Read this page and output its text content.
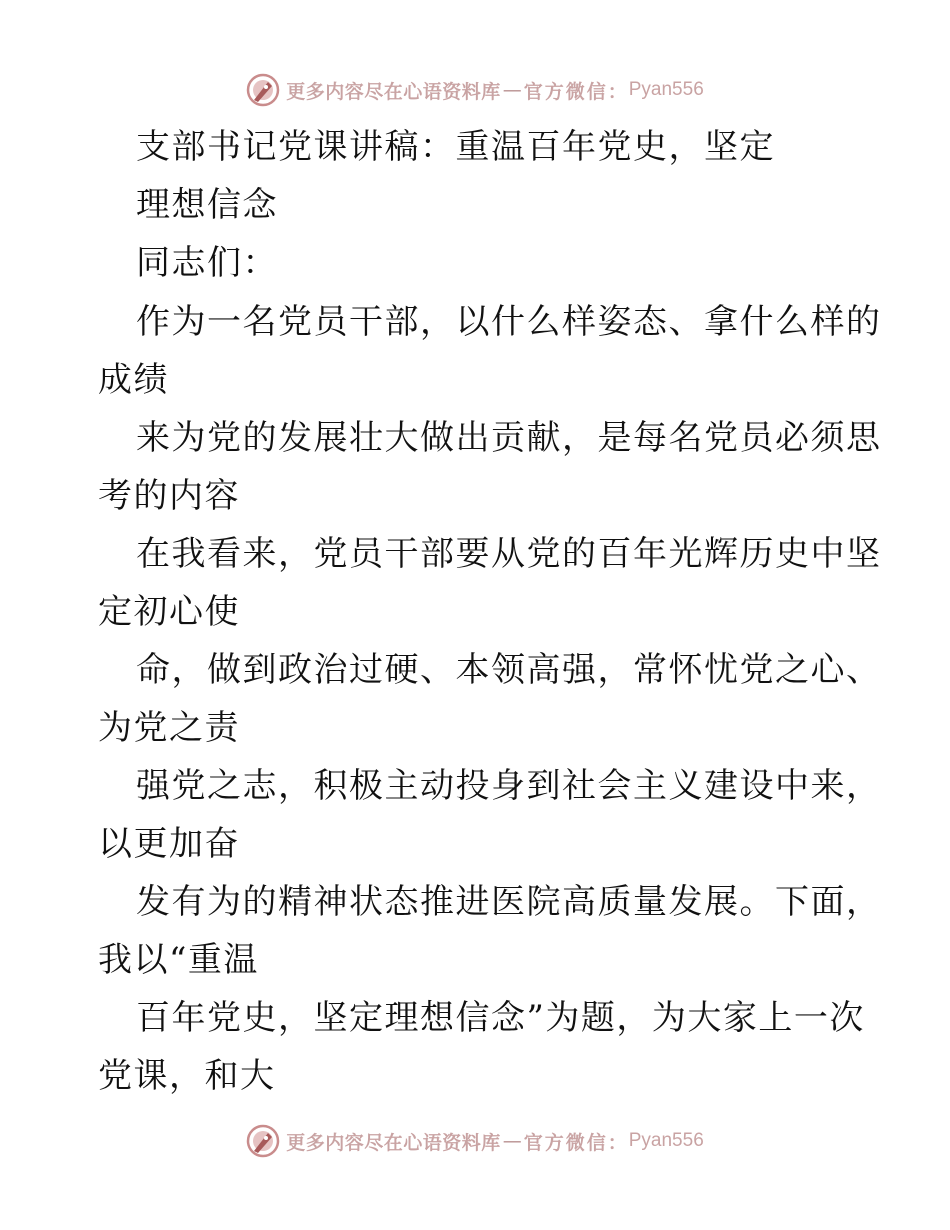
更多内容尽在心语资料库 — 官方微信： Pyan556
支部书记党课讲稿：重温百年党史，坚定
理想信念
同志们：
作为一名党员干部，以什么样姿态、拿什么样的
成绩
来为党的发展壮大做出贡献，是每名党员必须思
考的内容
在我看来，党员干部要从党的百年光辉历史中坚
定初心使
命，做到政治过硬、本领高强，常怀忧党之心、
为党之责
强党之志，积极主动投身到社会主义建设中来，
以更加奋
发有为的精神状态推进医院高质量发展。下面，
我以“重温
百年党史，坚定理想信念”为题，为大家上一次
党课，和大
更多内容尽在心语资料库 — 官方微信： Pyan556
